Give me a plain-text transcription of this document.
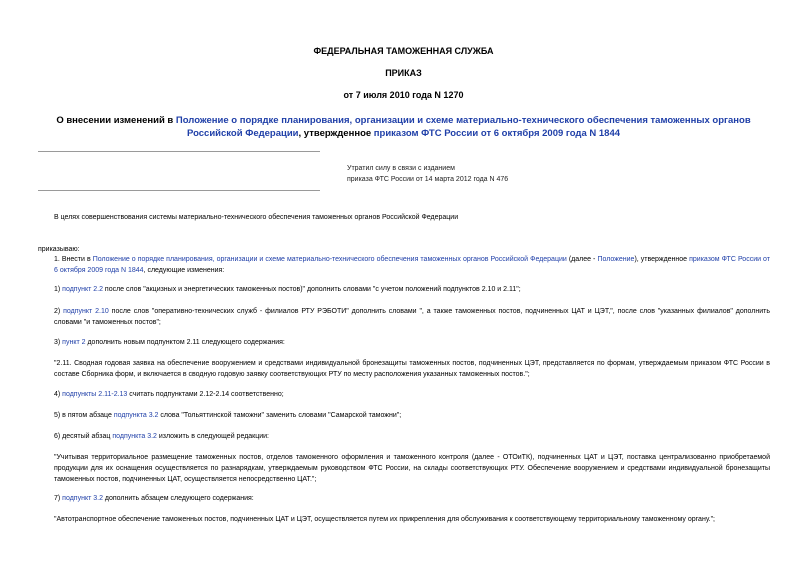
ФЕДЕРАЛЬНАЯ ТАМОЖЕННАЯ СЛУЖБА
ПРИКАЗ
от 7 июля 2010 года N 1270
О внесении изменений в Положение о порядке планирования, организации и схеме материально-технического обеспечения таможенных органов Российской Федерации, утвержденное приказом ФТС России от 6 октября 2009 года N 1844
Утратил силу в связи с изданием
приказа ФТС России от 14 марта 2012 года N 476
В целях совершенствования системы материально-технического обеспечения таможенных органов Российской Федерации
приказываю:
1. Внести в Положение о порядке планирования, организации и схеме материально-технического обеспечения таможенных органов Российской Федерации (далее - Положение), утвержденное приказом ФТС России от 6 октября 2009 года N 1844, следующие изменения:
1) подпункт 2.2 после слов "акцизных и энергетических таможенных постов)" дополнить словами "с учетом положений подпунктов 2.10 и 2.11";
2) подпункт 2.10 после слов "оперативно-технических служб - филиалов РТУ РЭБОТИ" дополнить словами ", а также таможенных постов, подчиненных ЦАТ и ЦЭТ,", после слов "указанных филиалов" дополнить словами "и таможенных постов";
3) пункт 2 дополнить новым подпунктом 2.11 следующего содержания:
"2.11. Сводная годовая заявка на обеспечение вооружением и средствами индивидуальной бронезащиты таможенных постов, подчиненных ЦЭТ, представляется по формам, утверждаемым приказом ФТС России в составе Сборника форм, и включается в сводную годовую заявку соответствующих РТУ по месту расположения указанных таможенных постов.";
4) подпункты 2.11-2.13 считать подпунктами 2.12-2.14 соответственно;
5) в пятом абзаце подпункта 3.2 слова "Тольяттинской таможни" заменить словами "Самарской таможни";
6) десятый абзац подпункта 3.2 изложить в следующей редакции:
"Учитывая территориальное размещение таможенных постов, отделов таможенного оформления и таможенного контроля (далее - ОТОиТК), подчиненных ЦАТ и ЦЭТ, поставка централизованно приобретаемой продукции для их оснащения осуществляется по разнарядкам, утверждаемым руководством ФТС России, на склады соответствующих РТУ. Обеспечение вооружением и средствами индивидуальной бронезащиты таможенных постов, подчиненных ЦАТ, осуществляется непосредственно ЦАТ.";
7) подпункт 3.2 дополнить абзацем следующего содержания:
"Автотранспортное обеспечение таможенных постов, подчиненных ЦАТ и ЦЭТ, осуществляется путем их прикрепления для обслуживания к соответствующему территориальному таможенному органу.";
